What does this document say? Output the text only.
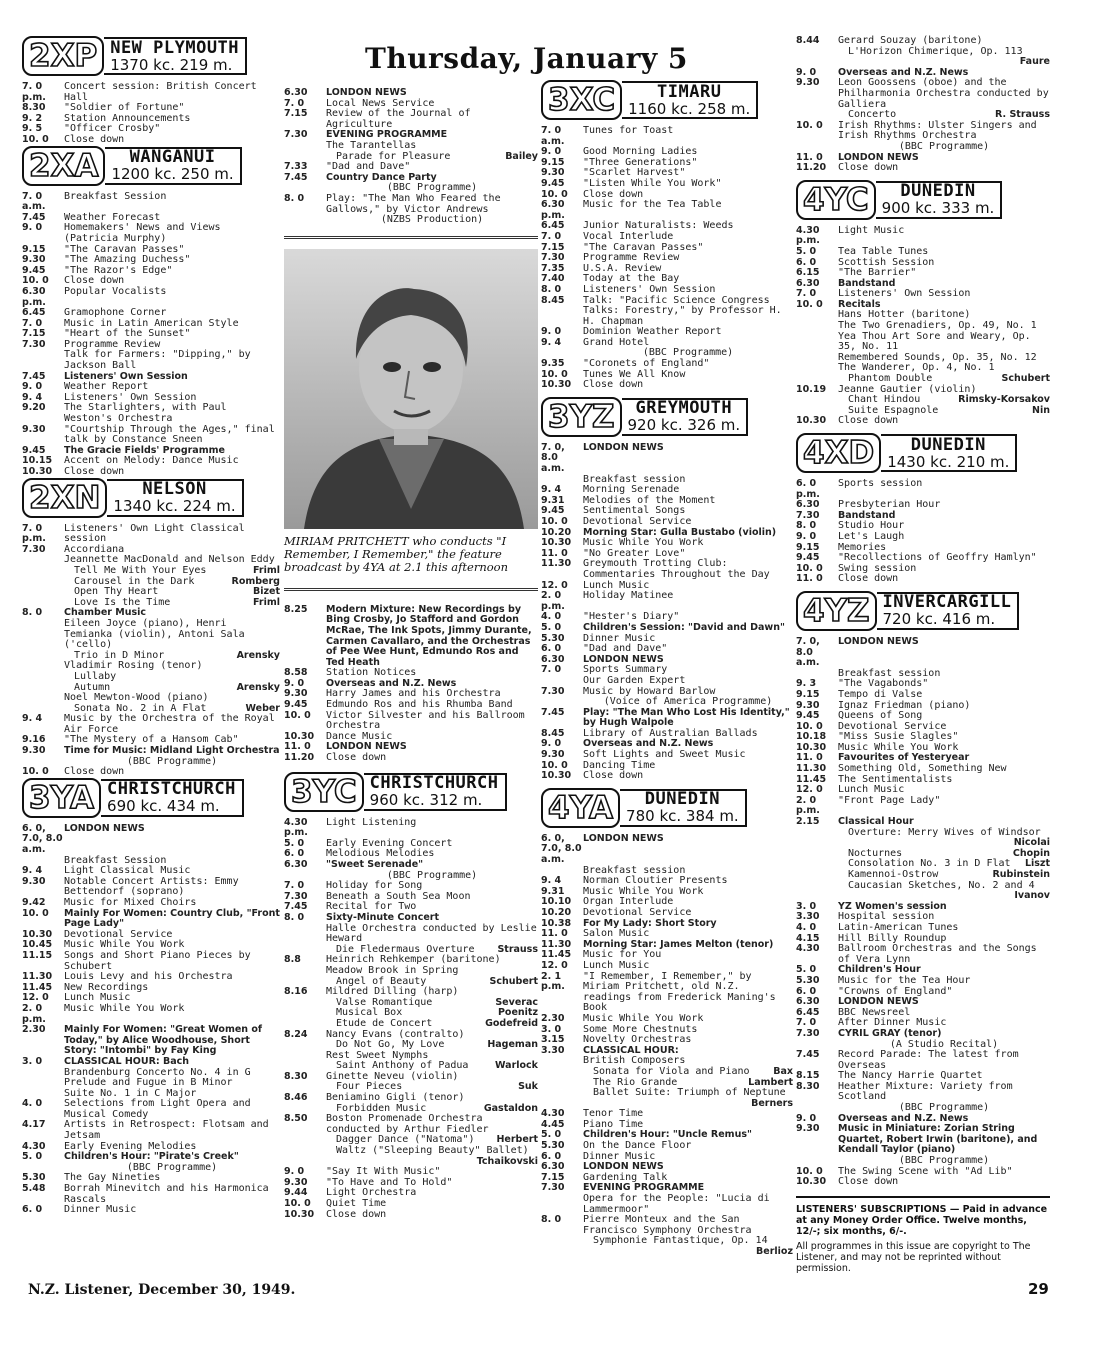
Thursday, January 5
2XP NEW PLYMOUTH
1370 kc. 219 m.
7. 0 p.m.
Concert session: British Concert Hall
8.30	"Soldier of Fortune"
9. 2	Station Announcements
9. 5	"Officer Crosby"
10. 0	Close down
2XA	WANGANUI
1200 kc. 250 m.
7. 0 a.m.
Breakfast Session
7.45	Weather Forecast
9. 0	Homemakers' News and Views (Patricia Murphy)
9.15	"The Caravan Passes"
9.30	"The Amazing Duchess"
9.45	"The Razor's Edge"
10. 0	Close down
6.30 p.m.
Popular Vocalists
6.45	Gramophone Corner
7. 0	Music in Latin American Style
7.15	"Heart of the Sunset"
7.30	Programme Review
Talk for Farmers: "Dipping," by Jackson Ball
7.45	Listeners' Own Session
9. 0	Weather Report
9. 4	Listeners' Own Session
9.20	The Starlighters, with Paul Weston's Orchestra
9.30	"Courtship Through the Ages," final talk by Constance Sneen
9.45	The Gracie Fields' Programme
10.15	Accent on Melody: Dance Music
10.30	Close down
2XN	NELSON
1340 kc. 224 m.
7. 0 p.m.
Listeners' Own Light Classical session
7.30	Accordiana
Jeannette MacDonald and Nelson Eddy
Tell Me With Your Eyes	Friml
Carousel in the Dark	Romberg
Open Thy Heart	Bizet
Love Is the Time	Friml
8. 0	Chamber Music
Eileen Joyce (piano), Henri Temianka (violin), Antoni Sala ('cello)
Trio in D Minor	Arensky
Vladimir Rosing (tenor)
Lullaby
Autumn	Arensky
Noel Mewton-Wood (piano)
Sonata No. 2 in A Flat	Weber
9. 4	Music by the Orchestra of the Royal Air Force
9.16	"The Mystery of a Hansom Cab"
9.30	Time for Music: Midland Light Orchestra
(BBC Programme)
10. 0	Close down
3YA CHRISTCHURCH
690 kc. 434 m.
6. 0, 7.0, 8.0 a.m.
LONDON NEWS
Breakfast Session
9. 4	Light Classical Music
9.30	Notable Concert Artists: Emmy Bettendorf (soprano)
9.42	Music for Mixed Choirs
10. 0	Mainly For Women: Country Club, "Front Page Lady"
10.30	Devotional Service
10.45	Music While You Work
11.15	Songs and Short Piano Pieces by Schubert
11.30	Louis Levy and his Orchestra
11.45	New Recordings
12. 0	Lunch Music
2. 0 p.m.
Music While You Work
2.30	Mainly For Women: "Great Women of Today," by Alice Woodhouse, Short Story: "Intombi" by Fay King
3. 0	CLASSICAL HOUR: Bach
Brandenburg Concerto No. 4 in G
Prelude and Fugue in B Minor
Suite No. 1 in C Major
4. 0	Selections from Light Opera and Musical Comedy
4.17	Artists in Retrospect: Flotsam and Jetsam
4.30	Early Evening Melodies
5. 0	Children's Hour: "Pirate's Creek"
(BBC Programme)
5.30	The Gay Nineties
5.48	Borrah Minevitch and his Harmonica Rascals
6. 0	Dinner Music
6.30	LONDON NEWS
7. 0	Local News Service
7.15	Review of the Journal of Agriculture
7.30	EVENING PROGRAMME
The Tarantellas
Parade for Pleasure	Bailey
7.33	"Dad and Dave"
7.45	Country Dance Party
(BBC Programme)
8. 0	Play: "The Man Who Feared the Gallows," by Victor Andrews
(NZBS Production)
MIRIAM PRITCHETT who conducts "I Remember, I Remember," the feature broadcast by 4YA at 2.1 this afternoon
8.25	Modern Mixture: New Recordings by Bing Crosby, Jo Stafford and Gordon McRae, The Ink Spots, Jimmy Durante, Carmen Cavallaro, and the Orchestras of Pee Wee Hunt, Edmundo Ros and Ted Heath
8.58	Station Notices
9. 0	Overseas and N.Z. News
9.30	Harry James and his Orchestra
9.45	Edmundo Ros and his Rhumba Band
10. 0	Victor Silvester and his Ballroom Orchestra
10.30	Dance Music
11. 0	LONDON NEWS
11.20	Close down
3YC CHRISTCHURCH
960 kc. 312 m.
4.30 p.m.
Light Listening
5. 0	Early Evening Concert
6. 0	Melodious Melodies
6.30	"Sweet Serenade"
(BBC Programme)
7. 0	Holiday for Song
7.30	Beneath a South Sea Moon
7.45	Recital for Two
8. 0	Sixty-Minute Concert
Halle Orchestra conducted by Leslie Heward
Die Fledermaus Overture Strauss
8.8	Heinrich Rehkemper (baritone)
Meadow Brook in Spring
Angel of Beauty	Schubert
8.16	Mildred Dilling (harp)
Valse Romantique	Severac
Musical Box	Poenitz
Etude de Concert	Godefreid
8.24	Nancy Evans (contralto)
Do Not Go, My Love	Hageman
Rest Sweet Nymphs
Saint Anthony of Padua	Warlock
8.30	Ginette Neveu (violin)
Four Pieces	Suk
8.46	Beniamino Gigli (tenor)
Forbidden Music	Gastaldon
8.50	Boston Promenade Orchestra conducted by Arthur Fiedler
Dagger Dance ("Natoma") Herbert
Waltz ("Sleeping Beauty" Ballet)
Tchaikovski
9. 0	"Say It With Music"
9.30	"To Have and To Hold"
9.44	Light Orchestra
10. 0	Quiet Time
10.30	Close down
3XC	TIMARU
1160 kc. 258 m.
7. 0 a.m.
Tunes for Toast
9. 0	Good Morning Ladies
9.15	"Three Generations"
9.30	"Scarlet Harvest"
9.45	"Listen While You Work"
10. 0	Close down
6.30 p.m.
Music for the Tea Table
6.45	Junior Naturalists: Weeds
7. 0	Vocal Interlude
7.15	"The Caravan Passes"
7.30	Programme Review
7.35	U.S.A. Review
7.40	Today at the Bay
8. 0	Listeners' Own Session
8.45	Talk: "Pacific Science Congress Talks: Forestry," by Professor H. H. Chapman
9. 0	Dominion Weather Report
9. 4	Grand Hotel
(BBC Programme)
9.35	"Coronets of England"
10. 0	Tunes We All Know
10.30	Close down
3YZ	GREYMOUTH
920 kc. 326 m.
7. 0, 8.0 a.m.
LONDON NEWS
Breakfast session
9. 4	Morning Serenade
9.31	Melodies of the Moment
9.45	Sentimental Songs
10. 0	Devotional Service
10.20	Morning Star: Gulla Bustabo (violin)
10.30	Music While You Work
11. 0	"No Greater Love"
11.30	Greymouth Trotting Club: Commentaries Throughout the Day
12. 0	Lunch Music
2. 0 p.m.
Holiday Matinee
4. 0	"Hester's Diary"
5. 0	Children's Session: "David and Dawn"
5.30	Dinner Music
6. 0	"Dad and Dave"
6.30	LONDON NEWS
7. 0	Sports Summary
Our Garden Expert
7.30	Music by Howard Barlow
(Voice of America Programme)
7.45	Play: "The Man Who Lost His Identity," by Hugh Walpole
8.45	Library of Australian Ballads
9. 0	Overseas and N.Z. News
9.30	Soft Lights and Sweet Music
10. 0	Dancing Time
10.30	Close down
4YA	DUNEDIN
780 kc. 384 m.
6. 0, 7.0, 8.0 a.m.
LONDON NEWS
Breakfast session
9. 4	Norman Cloutier Presents
9.31	Music While You Work
10.10	Organ Interlude
10.20	Devotional Service
10.38	For My Lady: Short Story
11. 0	Salon Music
11.30	Morning Star: James Melton (tenor)
11.45	Music for You
12. 0	Lunch Music
2. 1 p.m.
"I Remember, I Remember," by Miriam Pritchett, old N.Z. readings from Frederick Maning's Book
2.30	Music While You Work
3. 0	Some More Chestnuts
3.15	Novelty Orchestras
3.30	CLASSICAL HOUR:
British Composers
Sonata for Viola and Piano Bax
The Rio Grande	Lambert
Ballet Suite: Triumph of Neptune
Berners
4.30	Tenor Time
4.45	Piano Time
5. 0	Children's Hour: "Uncle Remus"
5.30	On the Dance Floor
6. 0	Dinner Music
6.30	LONDON NEWS
7.15	Gardening Talk
7.30	EVENING PROGRAMME
Opera for the People: "Lucia di Lammermoor"
8. 0	Pierre Monteux and the San Francisco Symphony Orchestra
Symphonie Fantastique, Op. 14
Berlioz
8.44	Gerard Souzay (baritone)
L'Horizon Chimerique, Op. 113
Faure
9. 0	Overseas and N.Z. News
9.30	Leon Goossens (oboe) and the Philharmonia Orchestra conducted by Galliera
Concerto	R. Strauss
10. 0	Irish Rhythms: Ulster Singers and Irish Rhythms Orchestra
(BBC Programme)
11. 0	LONDON NEWS
11.20	Close down
4YC	DUNEDIN
900 kc. 333 m.
4.30 p.m.
Light Music
5. 0	Tea Table Tunes
6. 0	Scottish Session
6.15	"The Barrier"
6.30	Bandstand
7. 0	Listeners' Own Session
10. 0	Recitals
Hans Hotter (baritone)
The Two Grenadiers, Op. 49, No. 1
Yea Thou Art Sore and Weary, Op. 35, No. 11
Remembered Sounds, Op. 35, No. 12
The Wanderer, Op. 4, No. 1
Phantom Double	Schubert
10.19	Jeanne Gautier (violin)
Chant Hindou	Rimsky-Korsakov
Suite Espagnole	Nin
10.30	Close down
4XD	DUNEDIN
1430 kc. 210 m.
6. 0 p.m.
Sports session
6.30	Presbyterian Hour
7.30	Bandstand
8. 0	Studio Hour
9. 0	Let's Laugh
9.15	Memories
9.45	"Recollections of Geoffry Hamlyn"
10. 0	Swing session
11. 0	Close down
4YZ INVERCARGILL
720 kc. 416 m.
7. 0, 8.0 a.m.
LONDON NEWS
Breakfast session
9. 3	"The Vagabonds"
9.15	Tempo di Valse
9.30	Ignaz Friedman (piano)
9.45	Queens of Song
10. 0	Devotional Service
10.18	"Miss Susie Slagles"
10.30	Music While You Work
11. 0	Favourites of Yesteryear
11.30	Something Old, Something New
11.45	The Sentimentalists
12. 0	Lunch Music
2. 0 p.m.
"Front Page Lady"
2.15	Classical Hour
Overture: Merry Wives of Windsor
Nicolai
Nocturnes	Chopin
Consolation No. 3 in D Flat Liszt
Kamennoi-Ostrow	Rubinstein
Caucasian Sketches, No. 2 and 4
Ivanov
3. 0	YZ Women's session
3.30	Hospital session
4. 0	Latin-American Tunes
4.15	Hill Billy Roundup
4.30	Ballroom Orchestras and the Songs of Vera Lynn
5. 0	Children's Hour
5.30	Music for the Tea Hour
6. 0	"Crowns of England"
6.30	LONDON NEWS
6.45	BBC Newsreel
7. 0	After Dinner Music
7.30	CYRIL GRAY (tenor)
(A Studio Recital)
7.45	Record Parade: The latest from Overseas
8.15	The Nancy Harrie Quartet
8.30	Heather Mixture: Variety from Scotland
(BBC Programme)
9. 0	Overseas and N.Z. News
9.30	Music in Miniature: Zorian String Quartet, Robert Irwin (baritone), and Kendall Taylor (piano)
(BBC Programme)
10. 0	The Swing Scene with "Ad Lib"
10.30	Close down
LISTENERS' SUBSCRIPTIONS — Paid in advance at any Money Order Office. Twelve months, 12/-; six months, 6/-.
All programmes in this issue are copyright to The Listener, and may not be reprinted without permission.
N.Z. Listener, December 30, 1949.	29
